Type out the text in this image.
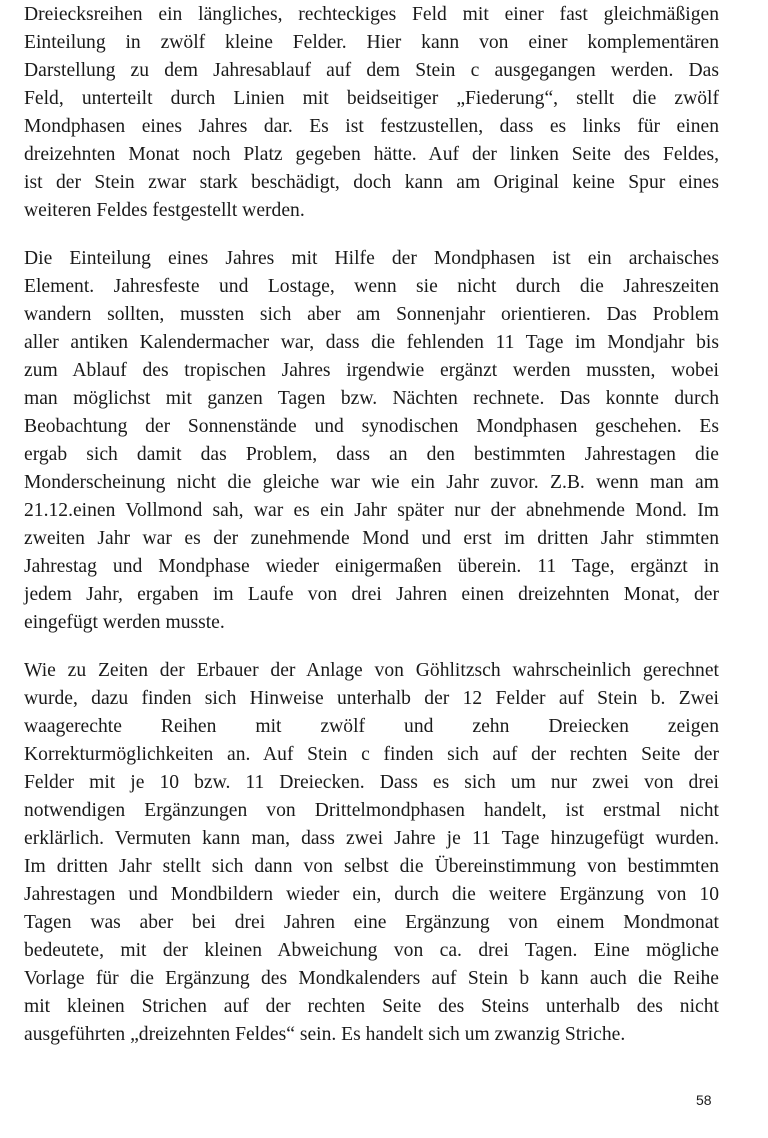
Dreiecksreihen ein längliches, rechteckiges Feld mit einer fast gleichmäßigen
Einteilung in zwölf kleine Felder. Hier kann von einer komplementären
Darstellung zu dem Jahresablauf auf dem Stein c ausgegangen werden. Das
Feld, unterteilt durch Linien mit beidseitiger „Fiederung“, stellt die zwölf
Mondphasen eines Jahres dar. Es ist festzustellen, dass es links für einen
dreizehnten Monat noch Platz gegeben hätte. Auf der linken Seite des Feldes,
ist der Stein zwar stark beschädigt, doch kann am Original keine Spur eines
weiteren Feldes festgestellt werden.
Die Einteilung eines Jahres mit Hilfe der Mondphasen ist ein archaisches
Element. Jahresfeste und Lostage, wenn sie nicht durch die Jahreszeiten
wandern sollten, mussten sich aber am Sonnenjahr orientieren. Das Problem
aller antiken Kalendermacher war, dass die fehlenden 11 Tage im Mondjahr bis
zum Ablauf des tropischen Jahres irgendwie ergänzt werden mussten, wobei
man möglichst mit ganzen Tagen bzw. Nächten rechnete. Das konnte durch
Beobachtung der Sonnenstände und synodischen Mondphasen geschehen. Es
ergab sich damit das Problem, dass an den bestimmten Jahrestagen die
Monderscheinung nicht die gleiche war wie ein Jahr zuvor. Z.B. wenn man am
21.12.einen Vollmond sah, war es ein Jahr später nur der abnehmende Mond. Im
zweiten Jahr war es der zunehmende Mond und erst im dritten Jahr stimmten
Jahrestag und Mondphase wieder einigermaßen überein. 11 Tage, ergänzt in
jedem Jahr, ergaben im Laufe von drei Jahren einen dreizehnten Monat, der
eingefügt werden musste.
Wie zu Zeiten der Erbauer der Anlage von Göhlitzsch wahrscheinlich gerechnet
wurde, dazu finden sich Hinweise unterhalb der 12 Felder auf Stein b. Zwei
waagerechte Reihen mit zwölf und zehn Dreiecken zeigen
Korrekturmöglichkeiten an. Auf Stein c finden sich auf der rechten Seite der
Felder mit je 10 bzw. 11 Dreiecken. Dass es sich um nur zwei von drei
notwendigen Ergänzungen von Drittelmondphasen handelt, ist erstmal nicht
erklärlich. Vermuten kann man, dass zwei Jahre je 11 Tage hinzugefügt wurden.
Im dritten Jahr stellt sich dann von selbst die Übereinstimmung von bestimmten
Jahrestagen und Mondbildern wieder ein, durch die weitere Ergänzung von 10
Tagen was aber bei drei Jahren eine Ergänzung von einem Mondmonat
bedeutete, mit der kleinen Abweichung von ca. drei Tagen. Eine mögliche
Vorlage für die Ergänzung des Mondkalenders auf Stein b kann auch die Reihe
mit kleinen Strichen auf der rechten Seite des Steins unterhalb des nicht
ausgeführten „dreizehnten Feldes“ sein. Es handelt sich um zwanzig Striche.
58
